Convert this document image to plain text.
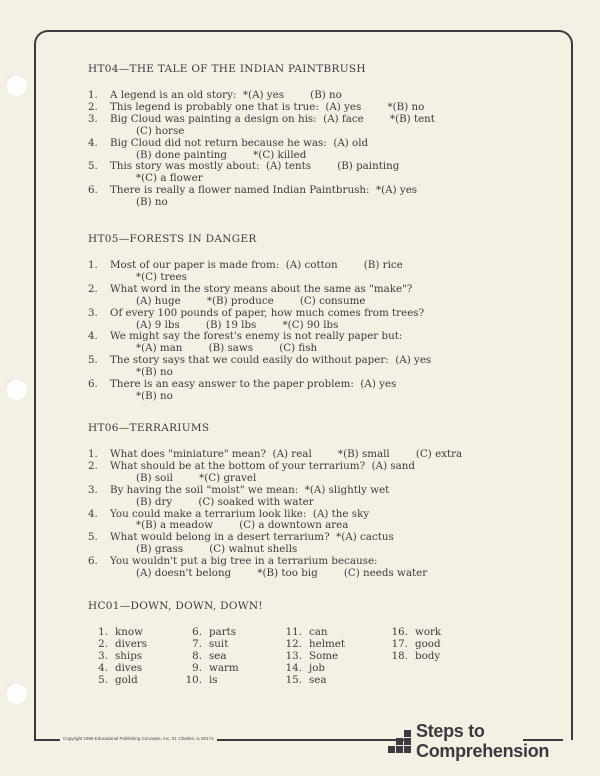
HT04—THE TALE OF THE INDIAN PAINTBRUSH
1. A legend is an old story:  *(A) yes        (B) no
2. This legend is probably one that is true:  (A) yes        *(B) no
3. Big Cloud was painting a design on his:  (A) face        *(B) tent
(C) horse
4. Big Cloud did not return because he was:  (A) old
(B) done painting        *(C) killed
5. This story was mostly about:  (A) tents        (B) painting
*(C) a flower
6. There is really a flower named Indian Paintbrush:  *(A) yes
(B) no
HT05—FORESTS IN DANGER
1. Most of our paper is made from:  (A) cotton        (B) rice
*(C) trees
2. What word in the story means about the same as "make"?
(A) huge        *(B) produce        (C) consume
3. Of every 100 pounds of paper, how much comes from trees?
(A) 9 lbs        (B) 19 lbs        *(C) 90 lbs
4. We might say the forest's enemy is not really paper but:
*(A) man        (B) saws        (C) fish
5. The story says that we could easily do without paper:  (A) yes
*(B) no
6. There is an easy answer to the paper problem:  (A) yes
*(B) no
HT06—TERRARIUMS
1. What does "miniature" mean?  (A) real        *(B) small        (C) extra
2. What should be at the bottom of your terrarium?  (A) sand
(B) soil        *(C) gravel
3. By having the soil "moist" we mean:  *(A) slightly wet
(B) dry        (C) soaked with water
4. You could make a terrarium look like:  (A) the sky
*(B) a meadow        (C) a downtown area
5. What would belong in a desert terrarium?  *(A) cactus
(B) grass        (C) walnut shells
6. You wouldn't put a big tree in a terrarium because:
(A) doesn't belong        *(B) too big        (C) needs water
HC01—DOWN, DOWN, DOWN!
1. know
2. divers
3. ships
4. dives
5. gold
6. parts
7. suit
8. sea
9. warm
10. is
11. can
12. helmet
13. Some
14. job
15. sea
16. work
17. good
18. body
Copyright 1986 Educational Publishing Concepts, Inc. St. Charles, IL 60174	Steps to
Comprehension
